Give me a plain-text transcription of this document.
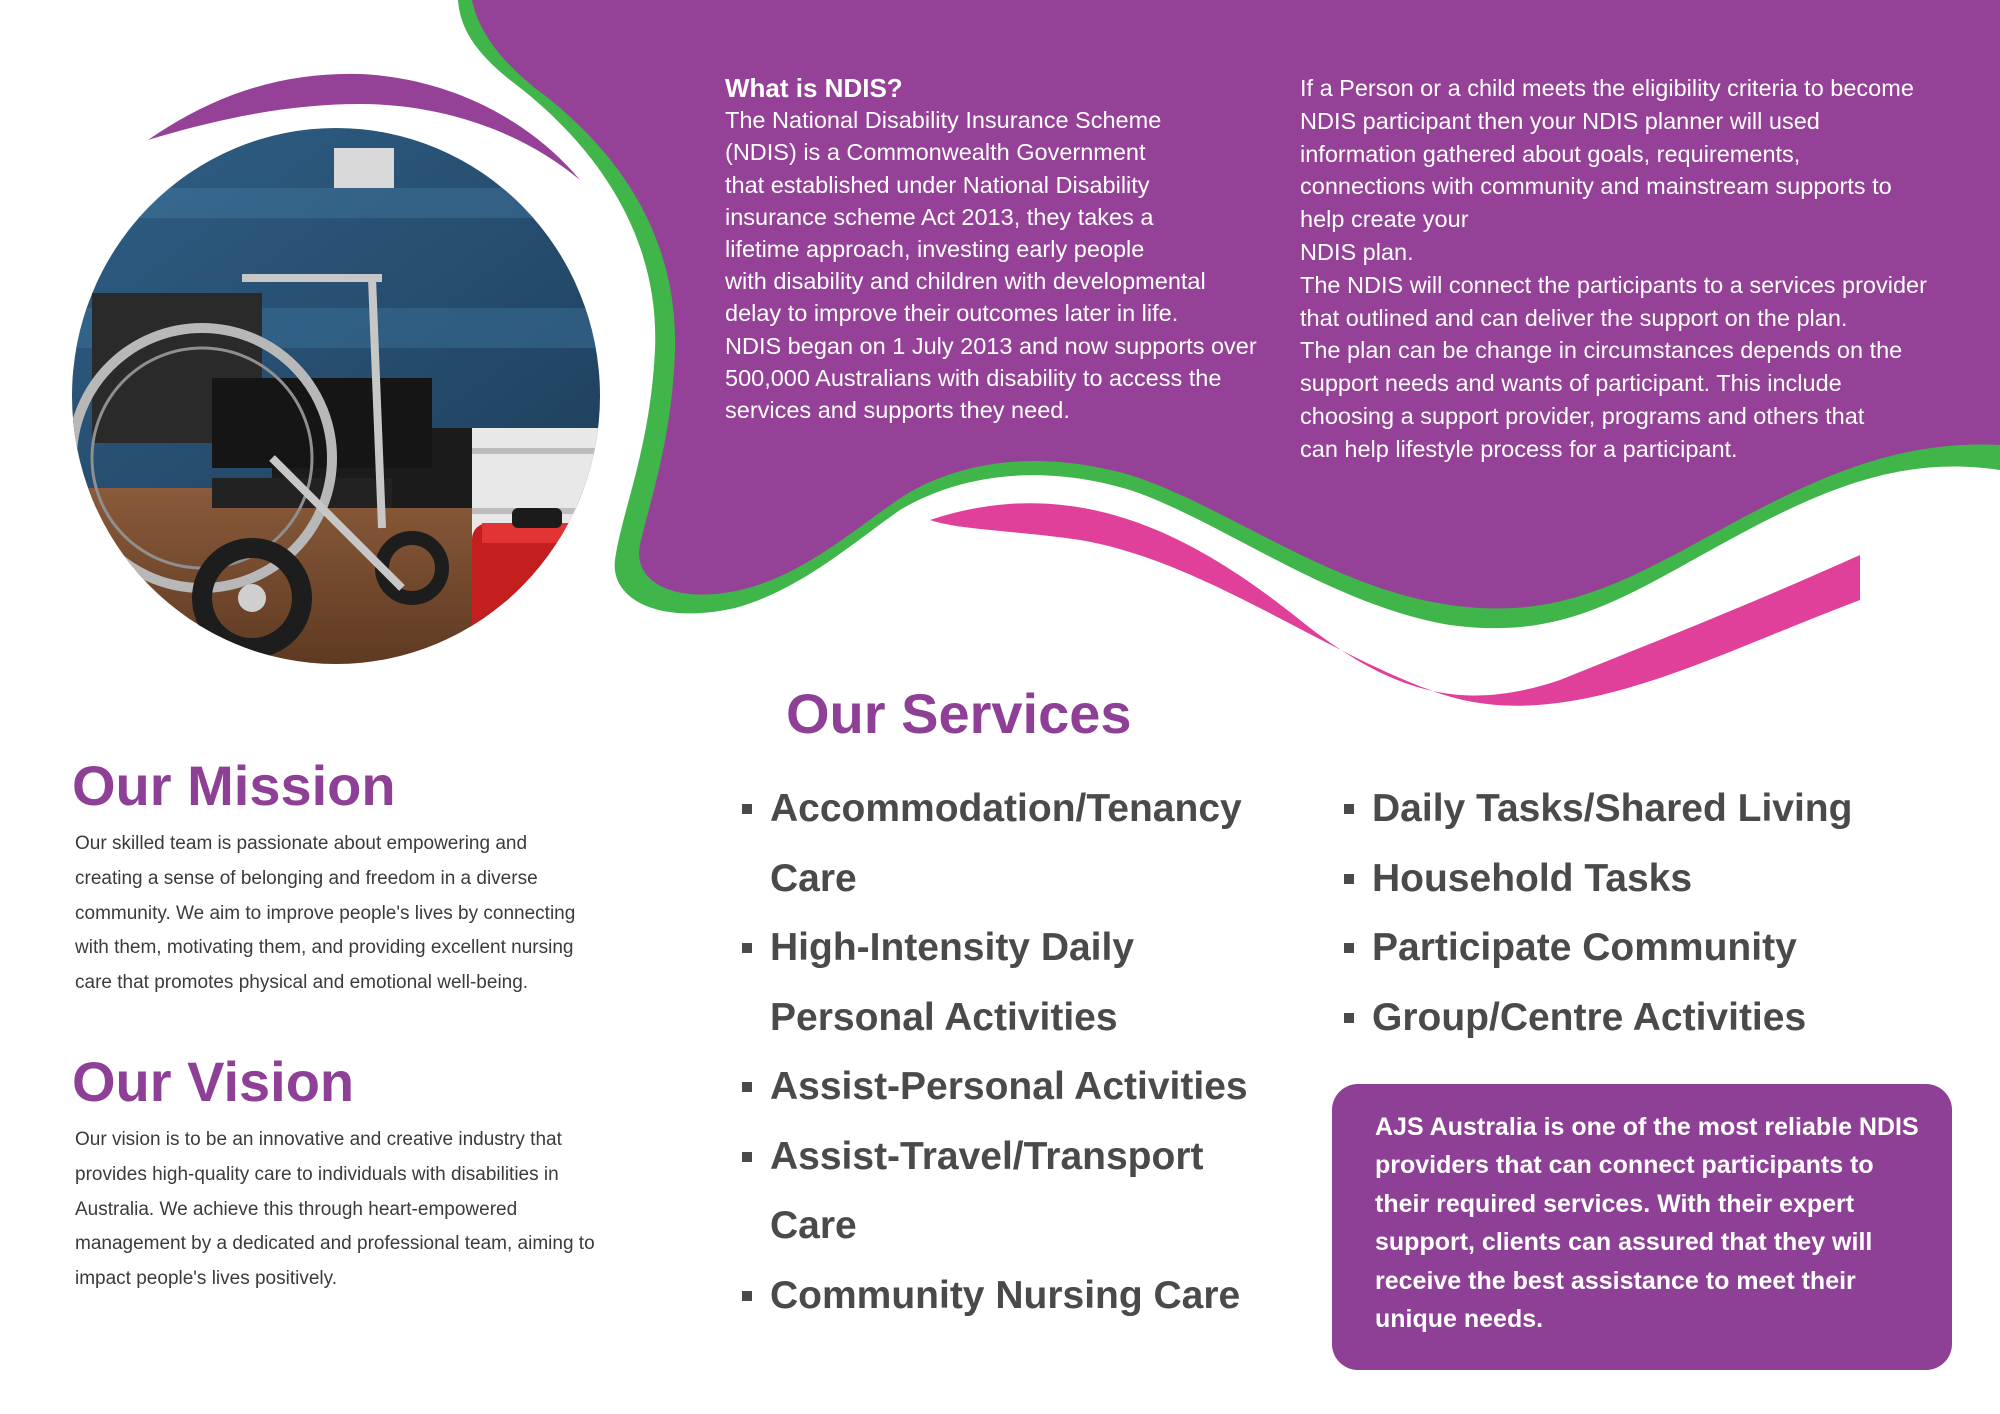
What is NDIS?
The National Disability Insurance Scheme
(NDIS) is a Commonwealth Government
that established under National Disability
insurance scheme Act 2013, they takes a
lifetime approach, investing early people
with disability and children with developmental
delay to improve their outcomes later in life.
NDIS began on 1 July 2013 and now supports over
500,000 Australians with disability to access the
services and supports they need.
If a Person or a child meets the eligibility criteria to become
NDIS participant then your NDIS planner will used
information gathered about goals, requirements,
connections with community and mainstream supports to
help create your
NDIS plan.
The NDIS will connect the participants to a services provider
that outlined and can deliver the support on the plan.
The plan can be change in circumstances depends on the
support needs and wants of participant. This include
choosing a support provider, programs and others that
can help lifestyle process for a participant.
Our Mission
Our skilled team is passionate about empowering and
creating a sense of belonging and freedom in a diverse
community. We aim to improve people's lives by connecting
with them, motivating them, and providing excellent nursing
care that promotes physical and emotional well-being.
Our Vision
Our vision is to be an innovative and creative industry that
provides high-quality care to individuals with disabilities in
Australia. We achieve this through heart-empowered
management by a dedicated and professional team, aiming to
impact people's lives positively.
Our Services
Accommodation/Tenancy
Care
High-Intensity Daily
Personal Activities
Assist-Personal Activities
Assist-Travel/Transport
Care
Community Nursing Care
Daily Tasks/Shared Living
Household Tasks
Participate Community
Group/Centre Activities
AJS Australia is one of the most reliable NDIS
providers that can connect participants to
their required services. With their expert
support, clients can assured that they will
receive the best assistance to meet their
unique needs.
